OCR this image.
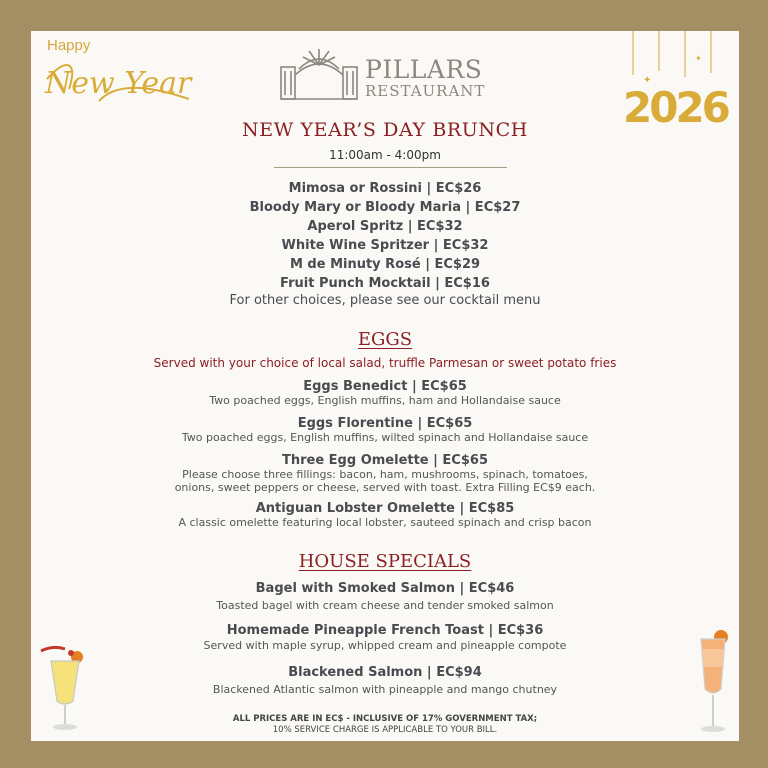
Happy
New Year	✦
✦
2026
PILLARS
RESTAURANT
NEW YEAR’S DAY BRUNCH
11:00am - 4:00pm
Mimosa or Rossini | EC$26
Bloody Mary or Bloody Maria | EC$27
Aperol Spritz | EC$32
White Wine Spritzer | EC$32
M de Minuty Rosé | EC$29
Fruit Punch Mocktail | EC$16
For other choices, please see our cocktail menu
EGGS
Served with your choice of local salad, truffle Parmesan or sweet potato fries
Eggs Benedict | EC$65
Two poached eggs, English muffins, ham and Hollandaise sauce
Eggs Florentine | EC$65
Two poached eggs, English muffins, wilted spinach and Hollandaise sauce
Three Egg Omelette | EC$65
Please choose three fillings: bacon, ham, mushrooms, spinach, tomatoes,
onions, sweet peppers or cheese, served with toast. Extra Filling EC$9 each.
Antiguan Lobster Omelette | EC$85
A classic omelette featuring local lobster, sauteed spinach and crisp bacon
HOUSE SPECIALS
Bagel with Smoked Salmon | EC$46
Toasted bagel with cream cheese and tender smoked salmon
Homemade Pineapple French Toast | EC$36
Served with maple syrup, whipped cream and pineapple compote
Blackened Salmon | EC$94
Blackened Atlantic salmon with pineapple and mango chutney
ALL PRICES ARE IN EC$ - INCLUSIVE OF 17% GOVERNMENT TAX;
10% SERVICE CHARGE IS APPLICABLE TO YOUR BILL.
